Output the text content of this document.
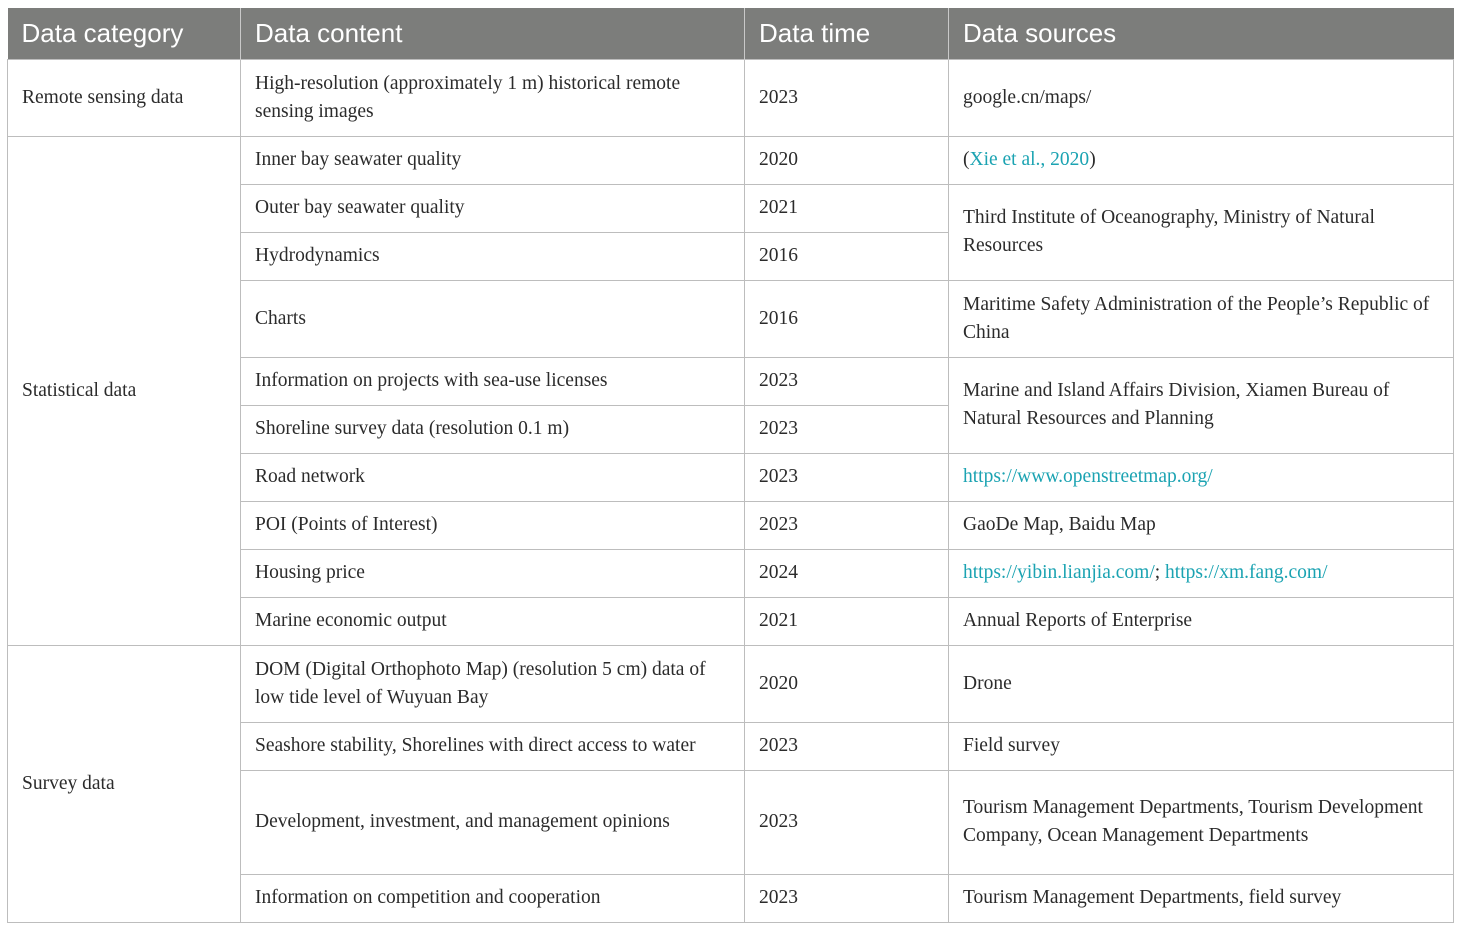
Data category	Data content	Data time	Data sources
Remote sensing data	High-resolution (approximately 1 m) historical remote sensing images	2023	google.cn/maps/
Statistical data	Inner bay seawater quality	2020	(Xie et al., 2020)
	Outer bay seawater quality	2021	Third Institute of Oceanography, Ministry of Natural Resources
	Hydrodynamics	2016	
	Charts	2016	Maritime Safety Administration of the People’s Republic of China
	Information on projects with sea-use licenses	2023	Marine and Island Affairs Division, Xiamen Bureau of Natural Resources and Planning
	Shoreline survey data (resolution 0.1 m)	2023	
	Road network	2023	https://www.openstreetmap.org/
	POI (Points of Interest)	2023	GaoDe Map, Baidu Map
	Housing price	2024	https://yibin.lianjia.com/; https://xm.fang.com/
	Marine economic output	2021	Annual Reports of Enterprise
Survey data	DOM (Digital Orthophoto Map) (resolution 5 cm) data of low tide level of Wuyuan Bay	2020	Drone
	Seashore stability, Shorelines with direct access to water	2023	Field survey
	Development, investment, and management opinions	2023	Tourism Management Departments, Tourism Development Company, Ocean Management Departments
	Information on competition and cooperation	2023	Tourism Management Departments, field survey
